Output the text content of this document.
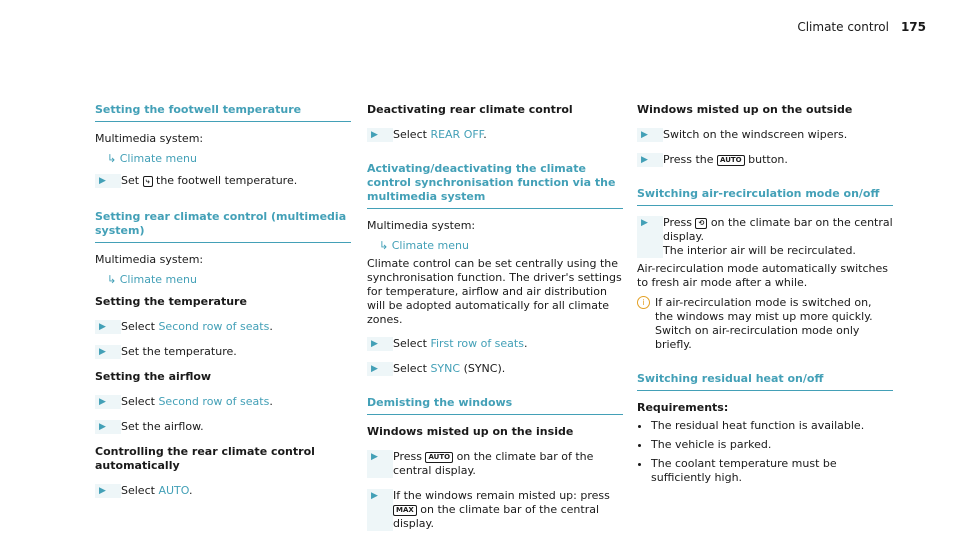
Climate control 175
Setting the footwell temperature
Multimedia system:
↳ Climate menu
▶	Set ⤷ the footwell temperature.
Setting rear climate control (multimedia system)
Multimedia system:
↳ Climate menu
Setting the temperature
▶	Select Second row of seats.
▶	Set the temperature.
Setting the airflow
▶	Select Second row of seats.
▶	Set the airflow.
Controlling the rear climate control automatically
▶	Select AUTO.
Deactivating rear climate control
▶	Select REAR OFF.
Activating/deactivating the climate control synchronisation function via the multimedia system
Multimedia system:
↳ Climate menu
Climate control can be set centrally using the synchronisation function. The driver's settings for temperature, airflow and air distribution will be adopted automatically for all climate zones.
▶	Select First row of seats.
▶	Select SYNC (SYNC).
Demisting the windows
Windows misted up on the inside
▶	Press AUTO on the climate bar of the central display.
▶	If the windows remain misted up: press MAX on the climate bar of the central display.
Windows misted up on the outside
▶	Switch on the windscreen wipers.
▶	Press the AUTO button.
Switching air-recirculation mode on/off
▶	Press ⟲ on the climate bar on the central display.
The interior air will be recirculated.
Air-recirculation mode automatically switches to fresh air mode after a while.
i If air-recirculation mode is switched on, the windows may mist up more quickly. Switch on air-recirculation mode only briefly.
Switching residual heat on/off
Requirements:
• The residual heat function is available.
• The vehicle is parked.
• The coolant temperature must be sufficiently high.
